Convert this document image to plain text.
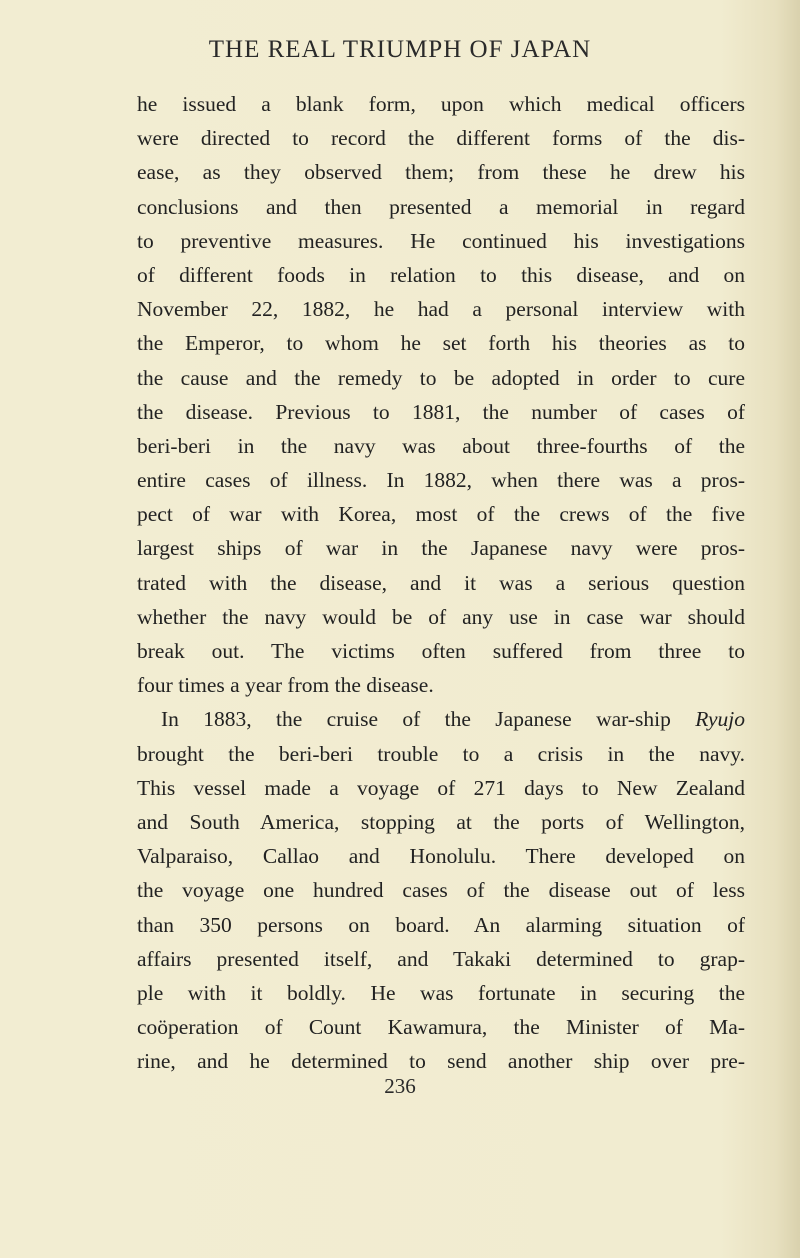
THE REAL TRIUMPH OF JAPAN
he issued a blank form, upon which medical officers
were directed to record the different forms of the dis-
ease, as they observed them; from these he drew his
conclusions and then presented a memorial in regard
to preventive measures. He continued his investigations
of different foods in relation to this disease, and on
November 22, 1882, he had a personal interview with
the Emperor, to whom he set forth his theories as to
the cause and the remedy to be adopted in order to cure
the disease. Previous to 1881, the number of cases of
beri-beri in the navy was about three-fourths of the
entire cases of illness. In 1882, when there was a pros-
pect of war with Korea, most of the crews of the five
largest ships of war in the Japanese navy were pros-
trated with the disease, and it was a serious question
whether the navy would be of any use in case war should
break out. The victims often suffered from three to
four times a year from the disease.
In 1883, the cruise of the Japanese war-ship Ryujo
brought the beri-beri trouble to a crisis in the navy.
This vessel made a voyage of 271 days to New Zealand
and South America, stopping at the ports of Wellington,
Valparaiso, Callao and Honolulu. There developed on
the voyage one hundred cases of the disease out of less
than 350 persons on board. An alarming situation of
affairs presented itself, and Takaki determined to grap-
ple with it boldly. He was fortunate in securing the
coöperation of Count Kawamura, the Minister of Ma-
rine, and he determined to send another ship over pre-
236
